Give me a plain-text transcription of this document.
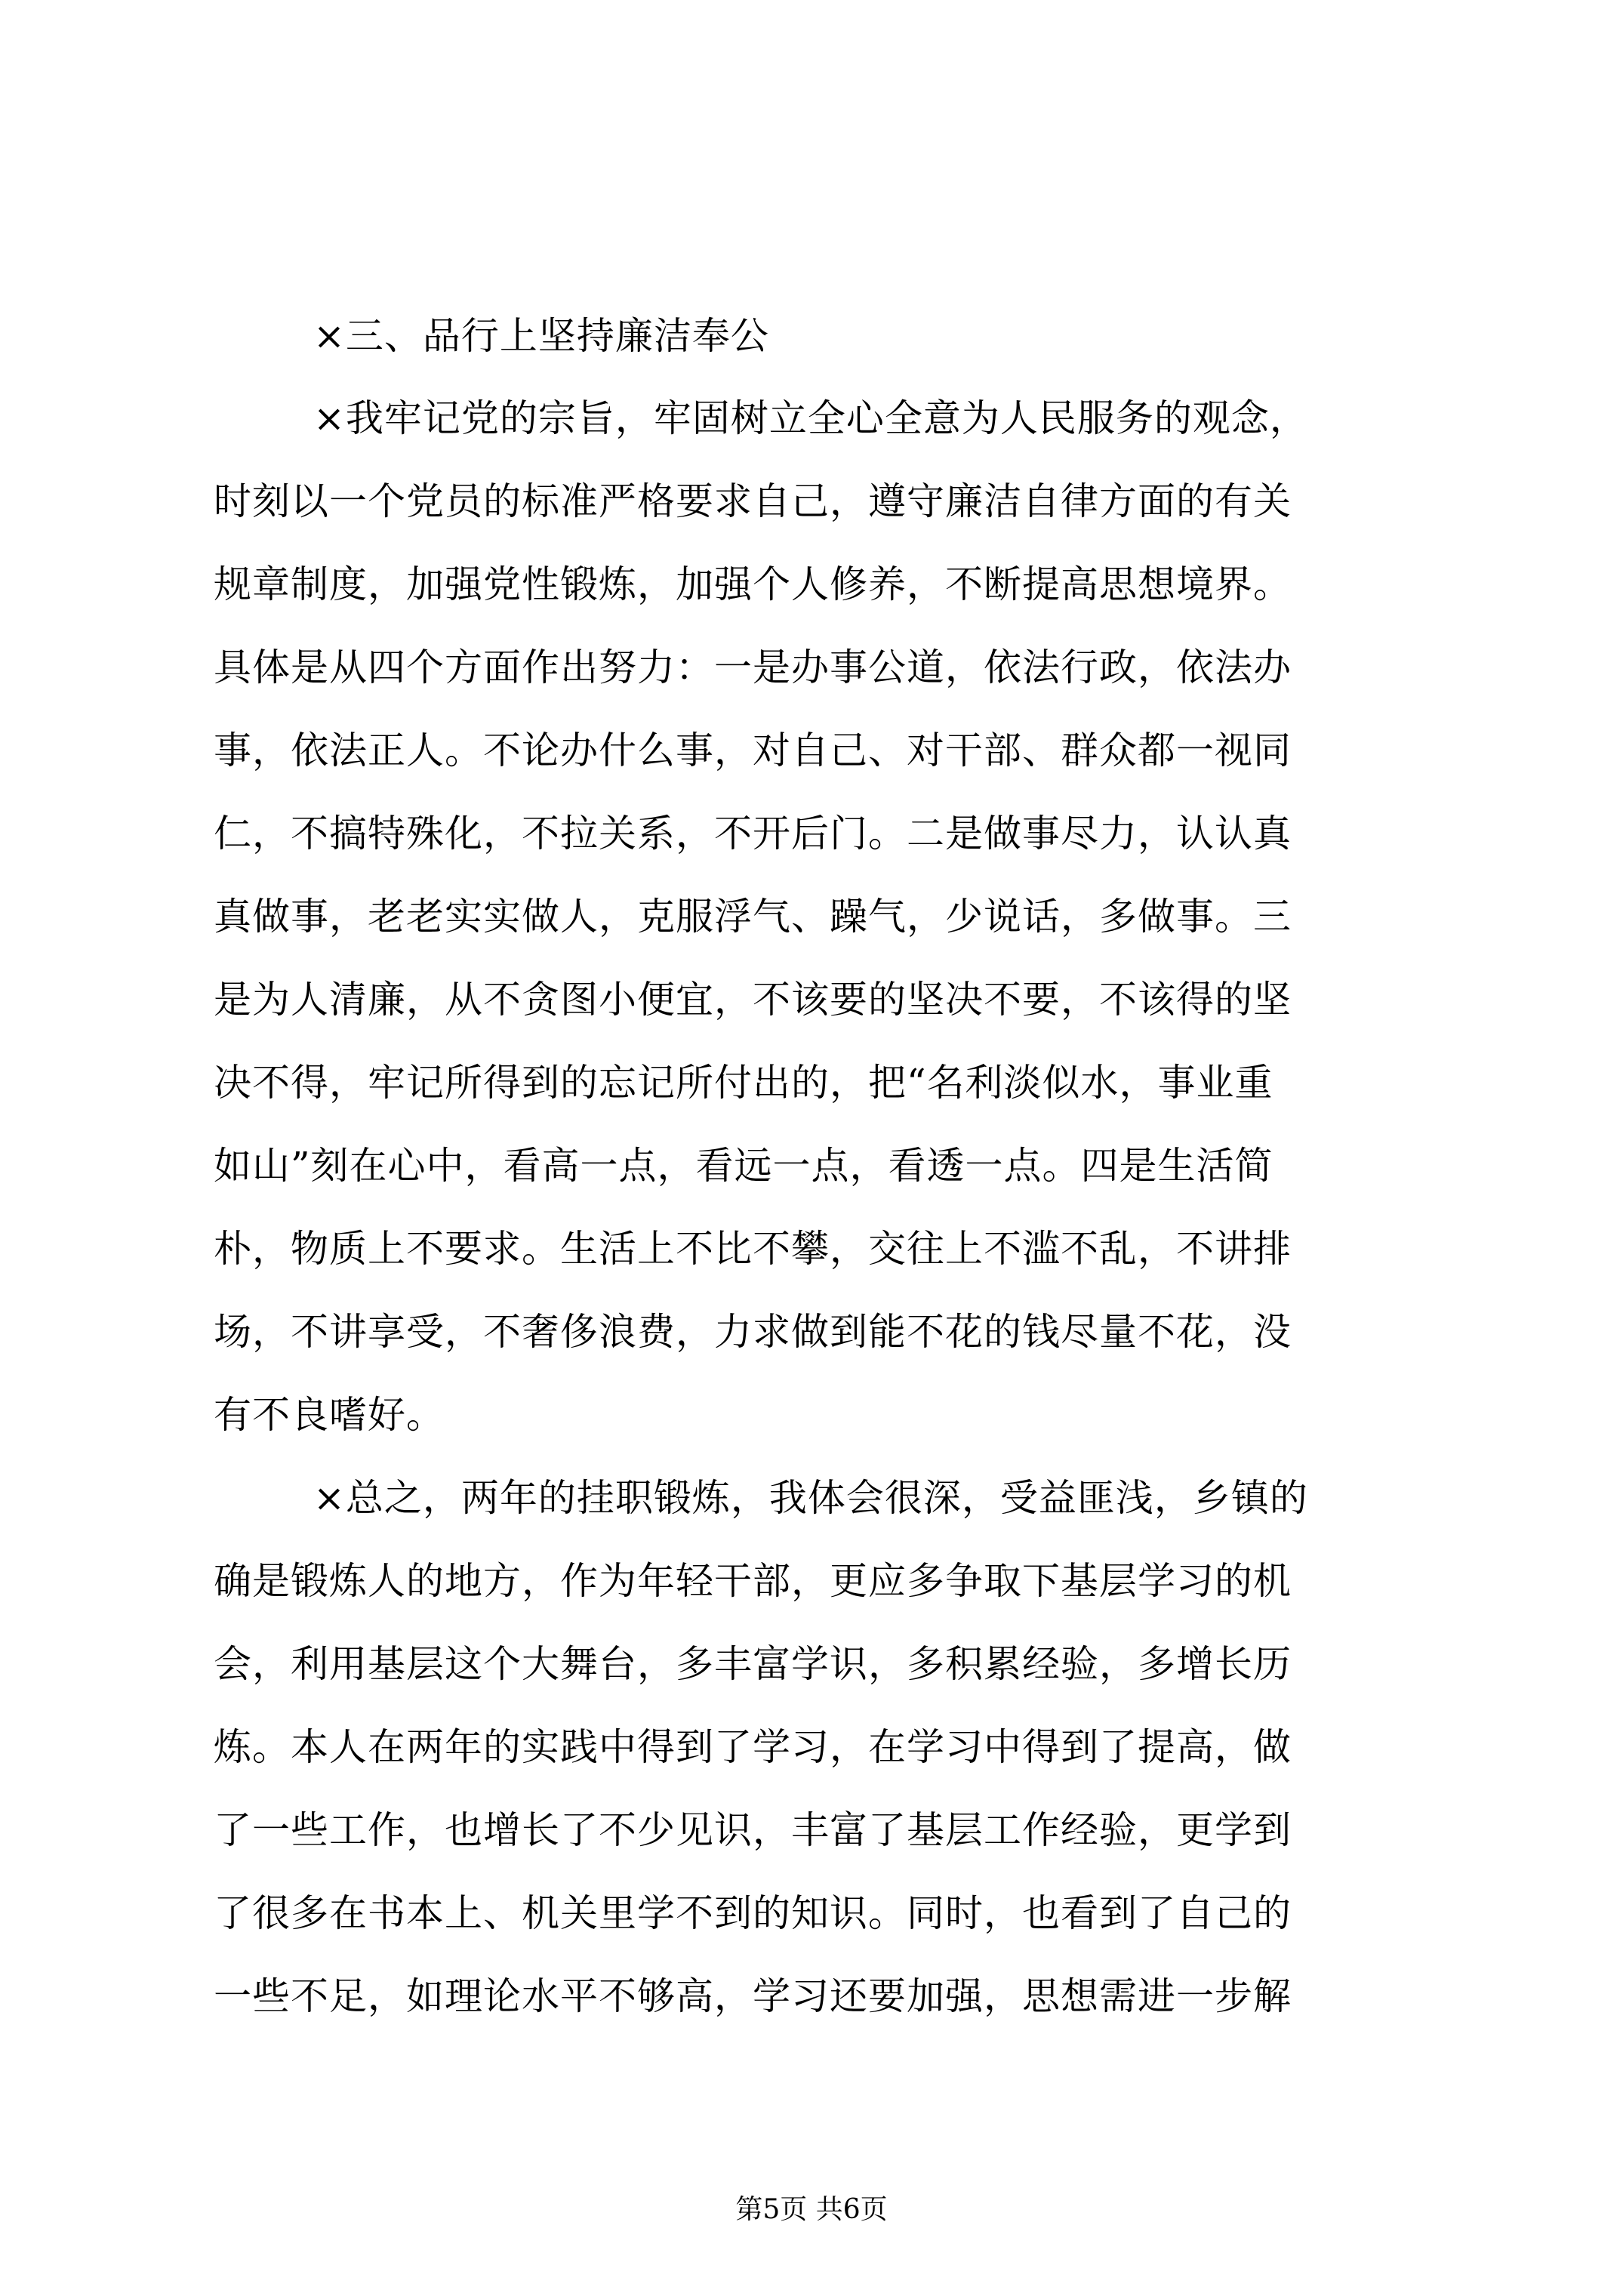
×三、品行上坚持廉洁奉公
×我牢记党的宗旨，牢固树立全心全意为人民服务的观念，
时刻以一个党员的标准严格要求自己，遵守廉洁自律方面的有关
规章制度，加强党性锻炼，加强个人修养，不断提高思想境界。
具体是从四个方面作出努力：一是办事公道，依法行政，依法办
事，依法正人。不论办什么事，对自己、对干部、群众都一视同
仁，不搞特殊化，不拉关系，不开后门。二是做事尽力，认认真
真做事，老老实实做人，克服浮气、躁气，少说话，多做事。三
是为人清廉，从不贪图小便宜，不该要的坚决不要，不该得的坚
决不得，牢记所得到的忘记所付出的，把“名利淡似水，事业重
如山”刻在心中，看高一点，看远一点，看透一点。四是生活简
朴，物质上不要求。生活上不比不攀，交往上不滥不乱，不讲排
场，不讲享受，不奢侈浪费，力求做到能不花的钱尽量不花，没
有不良嗜好。
×总之，两年的挂职锻炼，我体会很深，受益匪浅，乡镇的
确是锻炼人的地方，作为年轻干部，更应多争取下基层学习的机
会，利用基层这个大舞台，多丰富学识，多积累经验，多增长历
炼。本人在两年的实践中得到了学习，在学习中得到了提高，做
了一些工作，也增长了不少见识，丰富了基层工作经验，更学到
了很多在书本上、机关里学不到的知识。同时，也看到了自己的
一些不足，如理论水平不够高，学习还要加强，思想需进一步解
第5页 共6页
